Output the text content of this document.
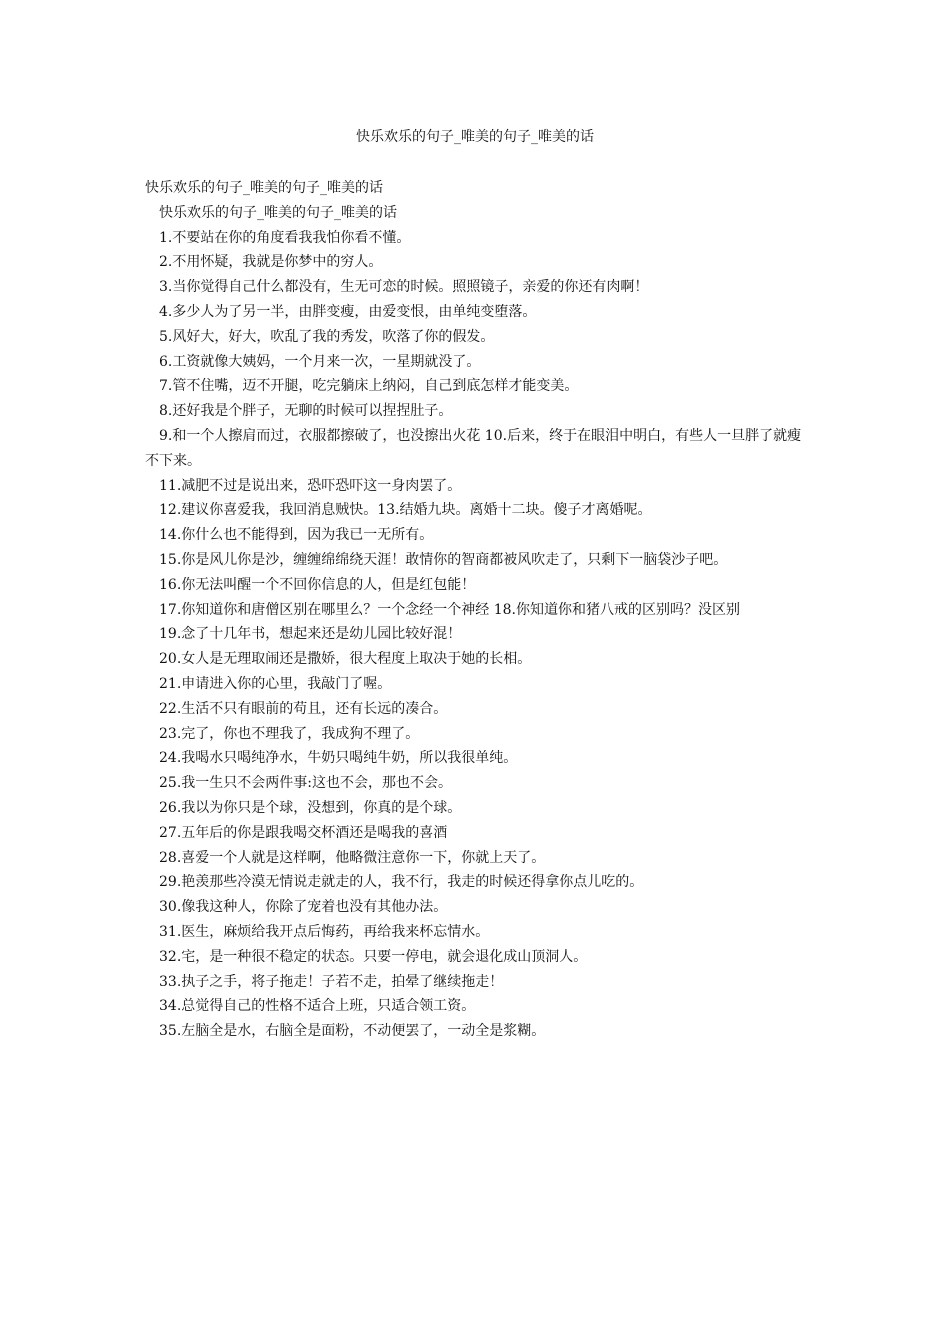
快乐欢乐的句子_唯美的句子_唯美的话

快乐欢乐的句子_唯美的句子_唯美的话

快乐欢乐的句子_唯美的句子_唯美的话

1.不要站在你的角度看我我怕你看不懂。

2.不用怀疑，我就是你梦中的穷人。

3.当你觉得自己什么都没有，生无可恋的时候。照照镜子，亲爱的你还有肉啊！

4.多少人为了另一半，由胖变瘦，由爱变恨，由单纯变堕落。

5.风好大，好大，吹乱了我的秀发，吹落了你的假发。

6.工资就像大姨妈，一个月来一次，一星期就没了。

7.管不住嘴，迈不开腿，吃完躺床上纳闷，自己到底怎样才能变美。

8.还好我是个胖子，无聊的时候可以捏捏肚子。

9.和一个人擦肩而过，衣服都擦破了，也没擦出火花 10.后来，终于在眼泪中明白，有些人一旦胖了就瘦不下来。

11.减肥不过是说出来，恐吓恐吓这一身肉罢了。

12.建议你喜爱我，我回消息贼快。13.结婚九块。离婚十二块。傻子才离婚呢。

14.你什么也不能得到，因为我已一无所有。

15.你是风儿你是沙，缠缠绵绵绕天涯！敢情你的智商都被风吹走了，只剩下一脑袋沙子吧。

16.你无法叫醒一个不回你信息的人，但是红包能！

17.你知道你和唐僧区别在哪里么？一个念经一个神经 18.你知道你和猪八戒的区别吗？没区别

19.念了十几年书，想起来还是幼儿园比较好混！

20.女人是无理取闹还是撒娇，很大程度上取决于她的长相。

21.申请进入你的心里，我敲门了喔。

22.生活不只有眼前的苟且，还有长远的凑合。

23.完了，你也不理我了，我成狗不理了。

24.我喝水只喝纯净水，牛奶只喝纯牛奶，所以我很单纯。

25.我一生只不会两件事:这也不会，那也不会。

26.我以为你只是个球，没想到，你真的是个球。

27.五年后的你是跟我喝交杯酒还是喝我的喜酒

28.喜爱一个人就是这样啊，他略微注意你一下，你就上天了。

29.艳羡那些冷漠无情说走就走的人，我不行，我走的时候还得拿你点儿吃的。

30.像我这种人，你除了宠着也没有其他办法。

31.医生，麻烦给我开点后悔药，再给我来杯忘情水。

32.宅，是一种很不稳定的状态。只要一停电，就会退化成山顶洞人。

33.执子之手，将子拖走！子若不走，拍晕了继续拖走！

34.总觉得自己的性格不适合上班，只适合领工资。

35.左脑全是水，右脑全是面粉，不动便罢了，一动全是浆糊。
